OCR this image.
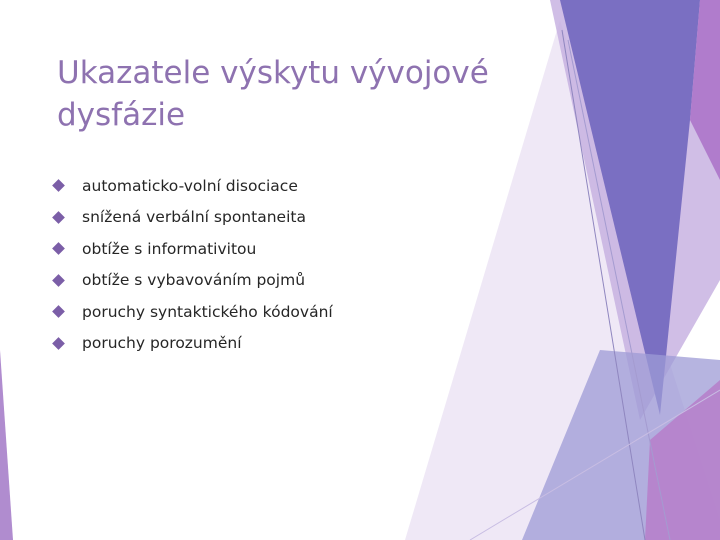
Ukazatele výskytu vývojové dysfázie
automaticko-volní disociace
snížená verbální spontaneita
obtíže s informativitou
obtíže s vybavováním pojmů
poruchy syntaktického kódování
poruchy porozumění
